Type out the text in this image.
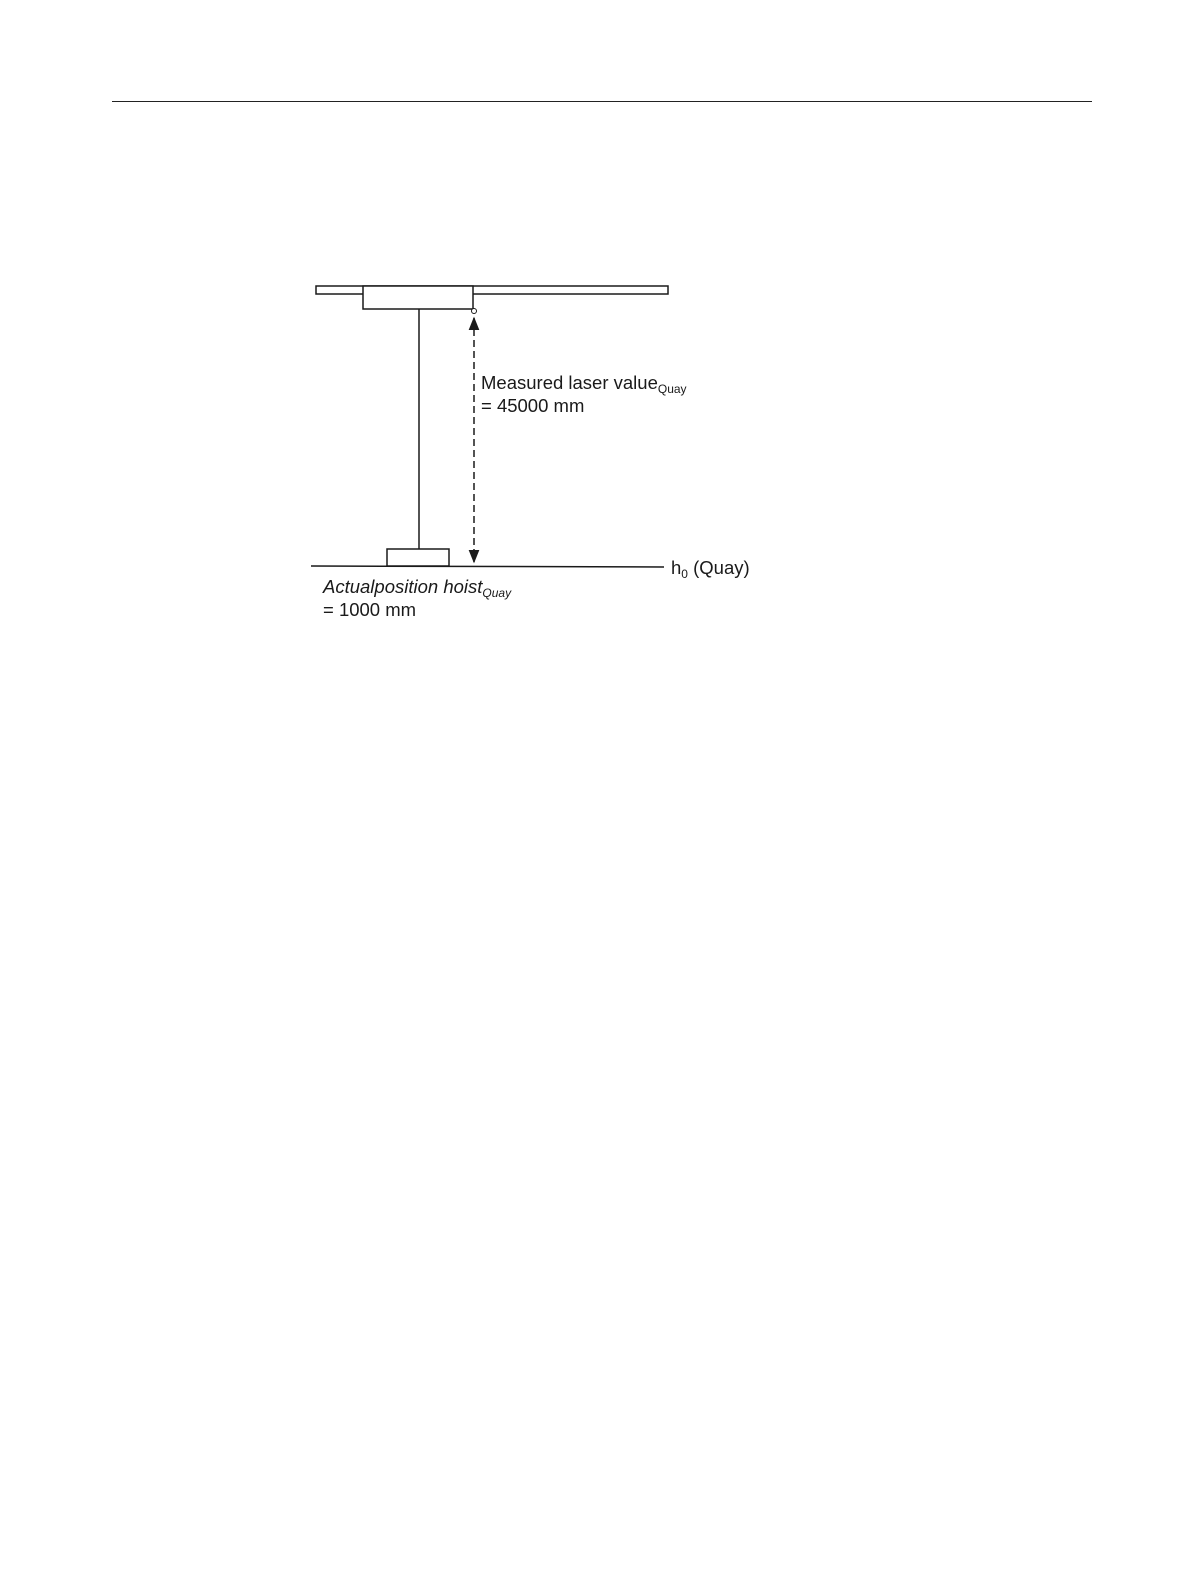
Measured laser value$_{Quay}$
= 45000 mm
$h_0$ (Quay)
Actualposition hoist$_{Quay}$
= 1000 mm
